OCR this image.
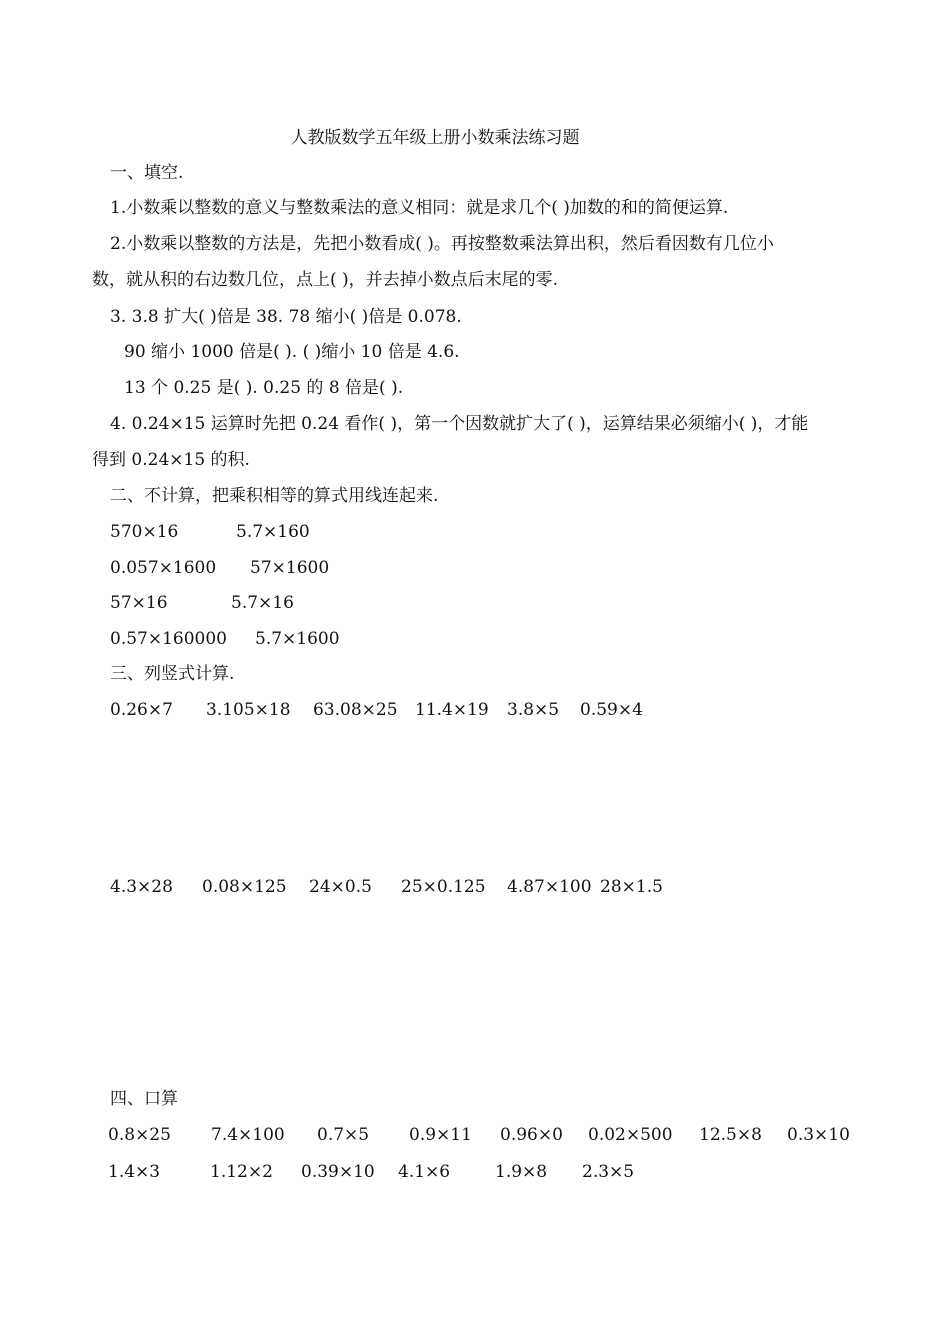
人教版数学五年级上册小数乘法练习题
一、填空.
1.小数乘以整数的意义与整数乘法的意义相同：就是求几个( )加数的和的简便运算.
2.小数乘以整数的方法是，先把小数看成( )。再按整数乘法算出积，然后看因数有几位小
数，就从积的右边数几位，点上( )，并去掉小数点后末尾的零.
3. 3.8 扩大( )倍是 38. 78 缩小( )倍是 0.078.
90 缩小 1000 倍是( ). ( )缩小 10 倍是 4.6.
13 个 0.25 是( ). 0.25 的 8 倍是( ).
4. 0.24×15 运算时先把 0.24 看作( )，第一个因数就扩大了( )，运算结果必须缩小( )，才能
得到 0.24×15 的积.
二、不计算，把乘积相等的算式用线连起来.
570×16	5.7×160
0.057×1600 57×1600
57×16	5.7×16
0.57×160000 5.7×1600
三、列竖式计算.
0.26×7 3.105×18 63.08×25 11.4×19 3.8×5 0.59×4
4.3×28 0.08×125 24×0.5 25×0.125 4.87×100 28×1.5
四、口算
0.8×25 7.4×100 0.7×5 0.9×11 0.96×0 0.02×500 12.5×8 0.3×10
1.4×3	1.12×2 0.39×10 4.1×6	1.9×8 2.3×5
